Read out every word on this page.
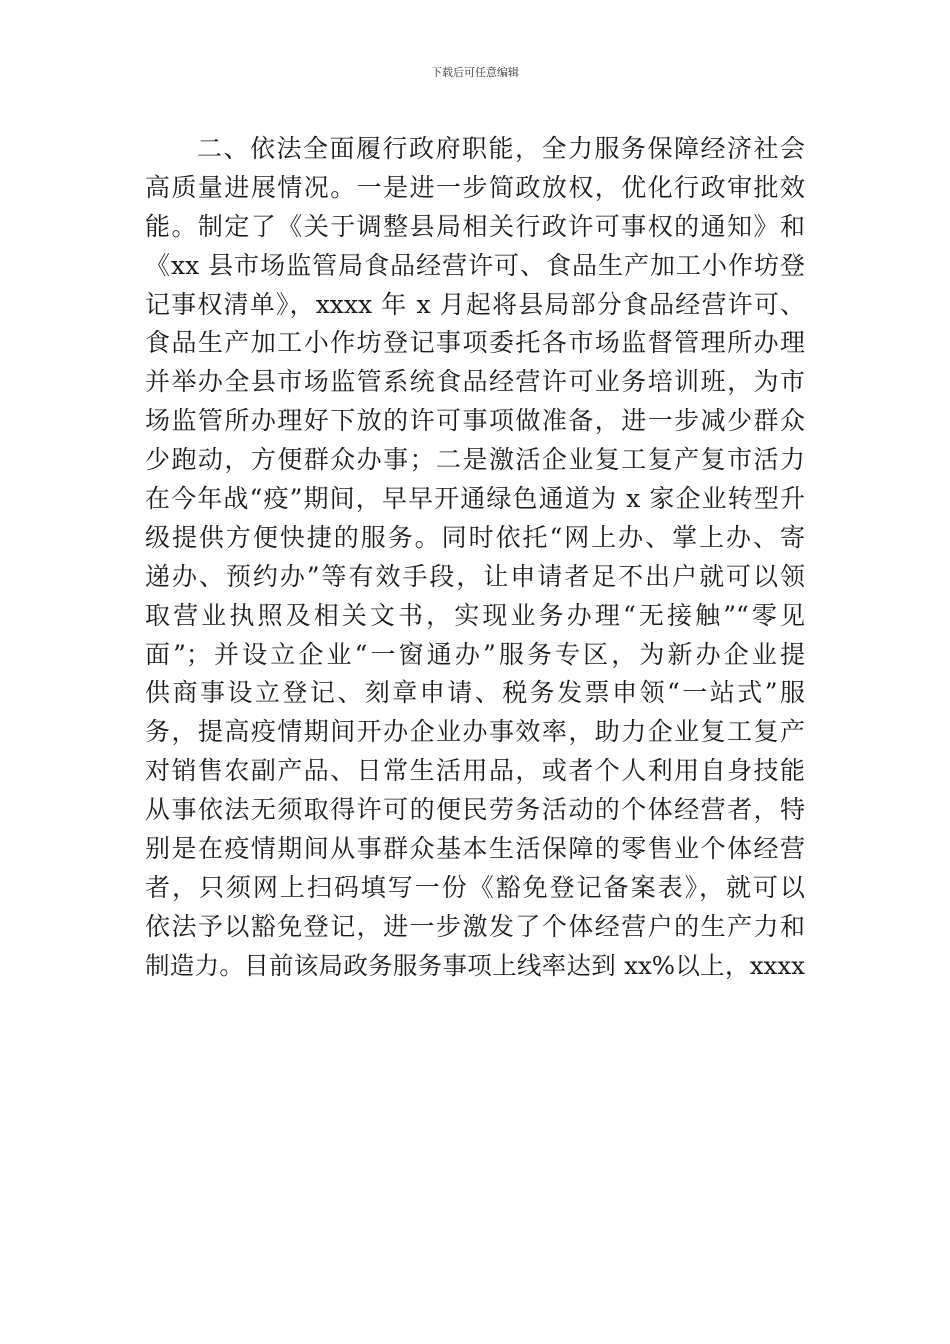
下载后可任意编辑
二、依法全面履行政府职能，全力服务保障经济社会
高质量进展情况。一是进一步简政放权，优化行政审批效
能。制定了《关于调整县局相关行政许可事权的通知》和
《xx 县市场监管局食品经营许可、食品生产加工小作坊登
记事权清单》，xxxx 年 x 月起将县局部分食品经营许可、
食品生产加工小作坊登记事项委托各市场监督管理所办理
并举办全县市场监管系统食品经营许可业务培训班，为市
场监管所办理好下放的许可事项做准备，进一步减少群众
少跑动，方便群众办事；二是激活企业复工复产复市活力
在今年战“疫”期间，早早开通绿色通道为 x 家企业转型升
级提供方便快捷的服务。同时依托“网上办、掌上办、寄
递办、预约办”等有效手段，让申请者足不出户就可以领
取营业执照及相关文书，实现业务办理“无接触”“零见
面”；并设立企业“一窗通办”服务专区，为新办企业提
供商事设立登记、刻章申请、税务发票申领“一站式”服
务，提高疫情期间开办企业办事效率，助力企业复工复产
对销售农副产品、日常生活用品，或者个人利用自身技能
从事依法无须取得许可的便民劳务活动的个体经营者，特
别是在疫情期间从事群众基本生活保障的零售业个体经营
者，只须网上扫码填写一份《豁免登记备案表》，就可以
依法予以豁免登记，进一步激发了个体经营户的生产力和
制造力。目前该局政务服务事项上线率达到 xx%以上，xxxx
